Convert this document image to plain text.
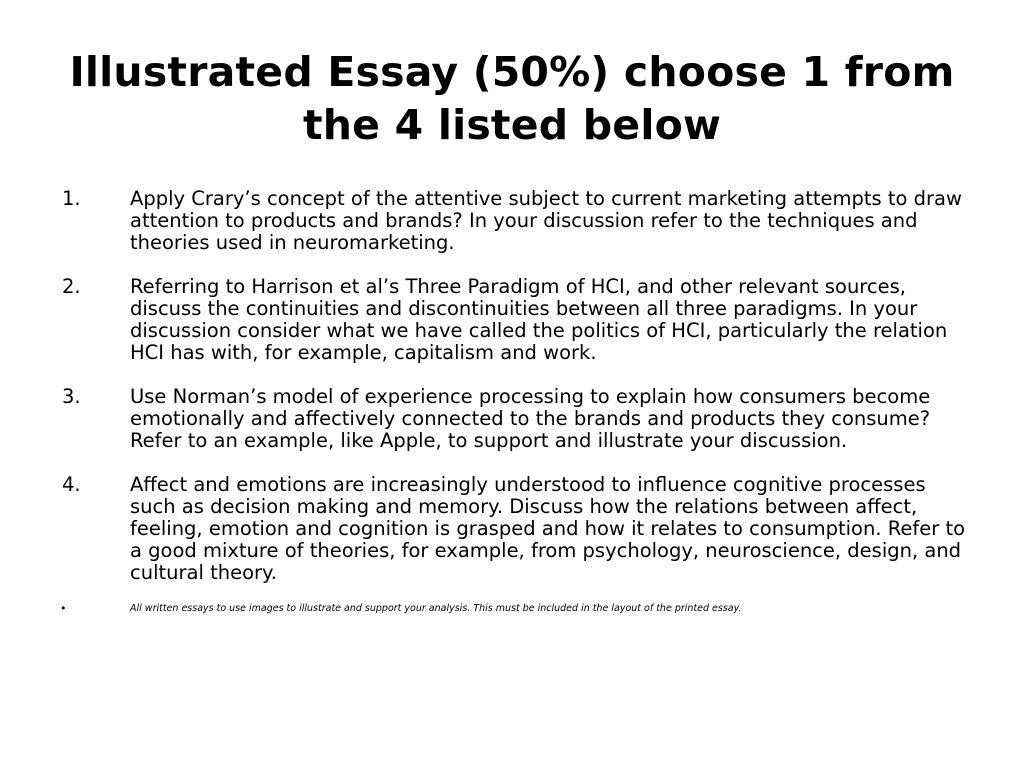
Illustrated Essay (50%) choose 1 from the 4 listed below
1.	Apply Crary’s concept of the attentive subject to current marketing attempts to draw attention to products and brands? In your discussion refer to the techniques and theories used in neuromarketing.
2.	Referring to Harrison et al’s Three Paradigm of HCI, and other relevant sources, discuss the continuities and discontinuities between all three paradigms. In your discussion consider what we have called the politics of HCI, particularly the relation HCI has with, for example, capitalism and work.
3.	Use Norman’s model of experience processing to explain how consumers become emotionally and affectively connected to the brands and products they consume? Refer to an example, like Apple, to support and illustrate your discussion.
4.	Affect and emotions are increasingly understood to influence cognitive processes such as decision making and memory. Discuss how the relations between affect, feeling, emotion and cognition is grasped and how it relates to consumption. Refer to a good mixture of theories, for example, from psychology, neuroscience, design, and cultural theory.
•	All written essays to use images to illustrate and support your analysis. This must be included in the layout of the printed essay.
